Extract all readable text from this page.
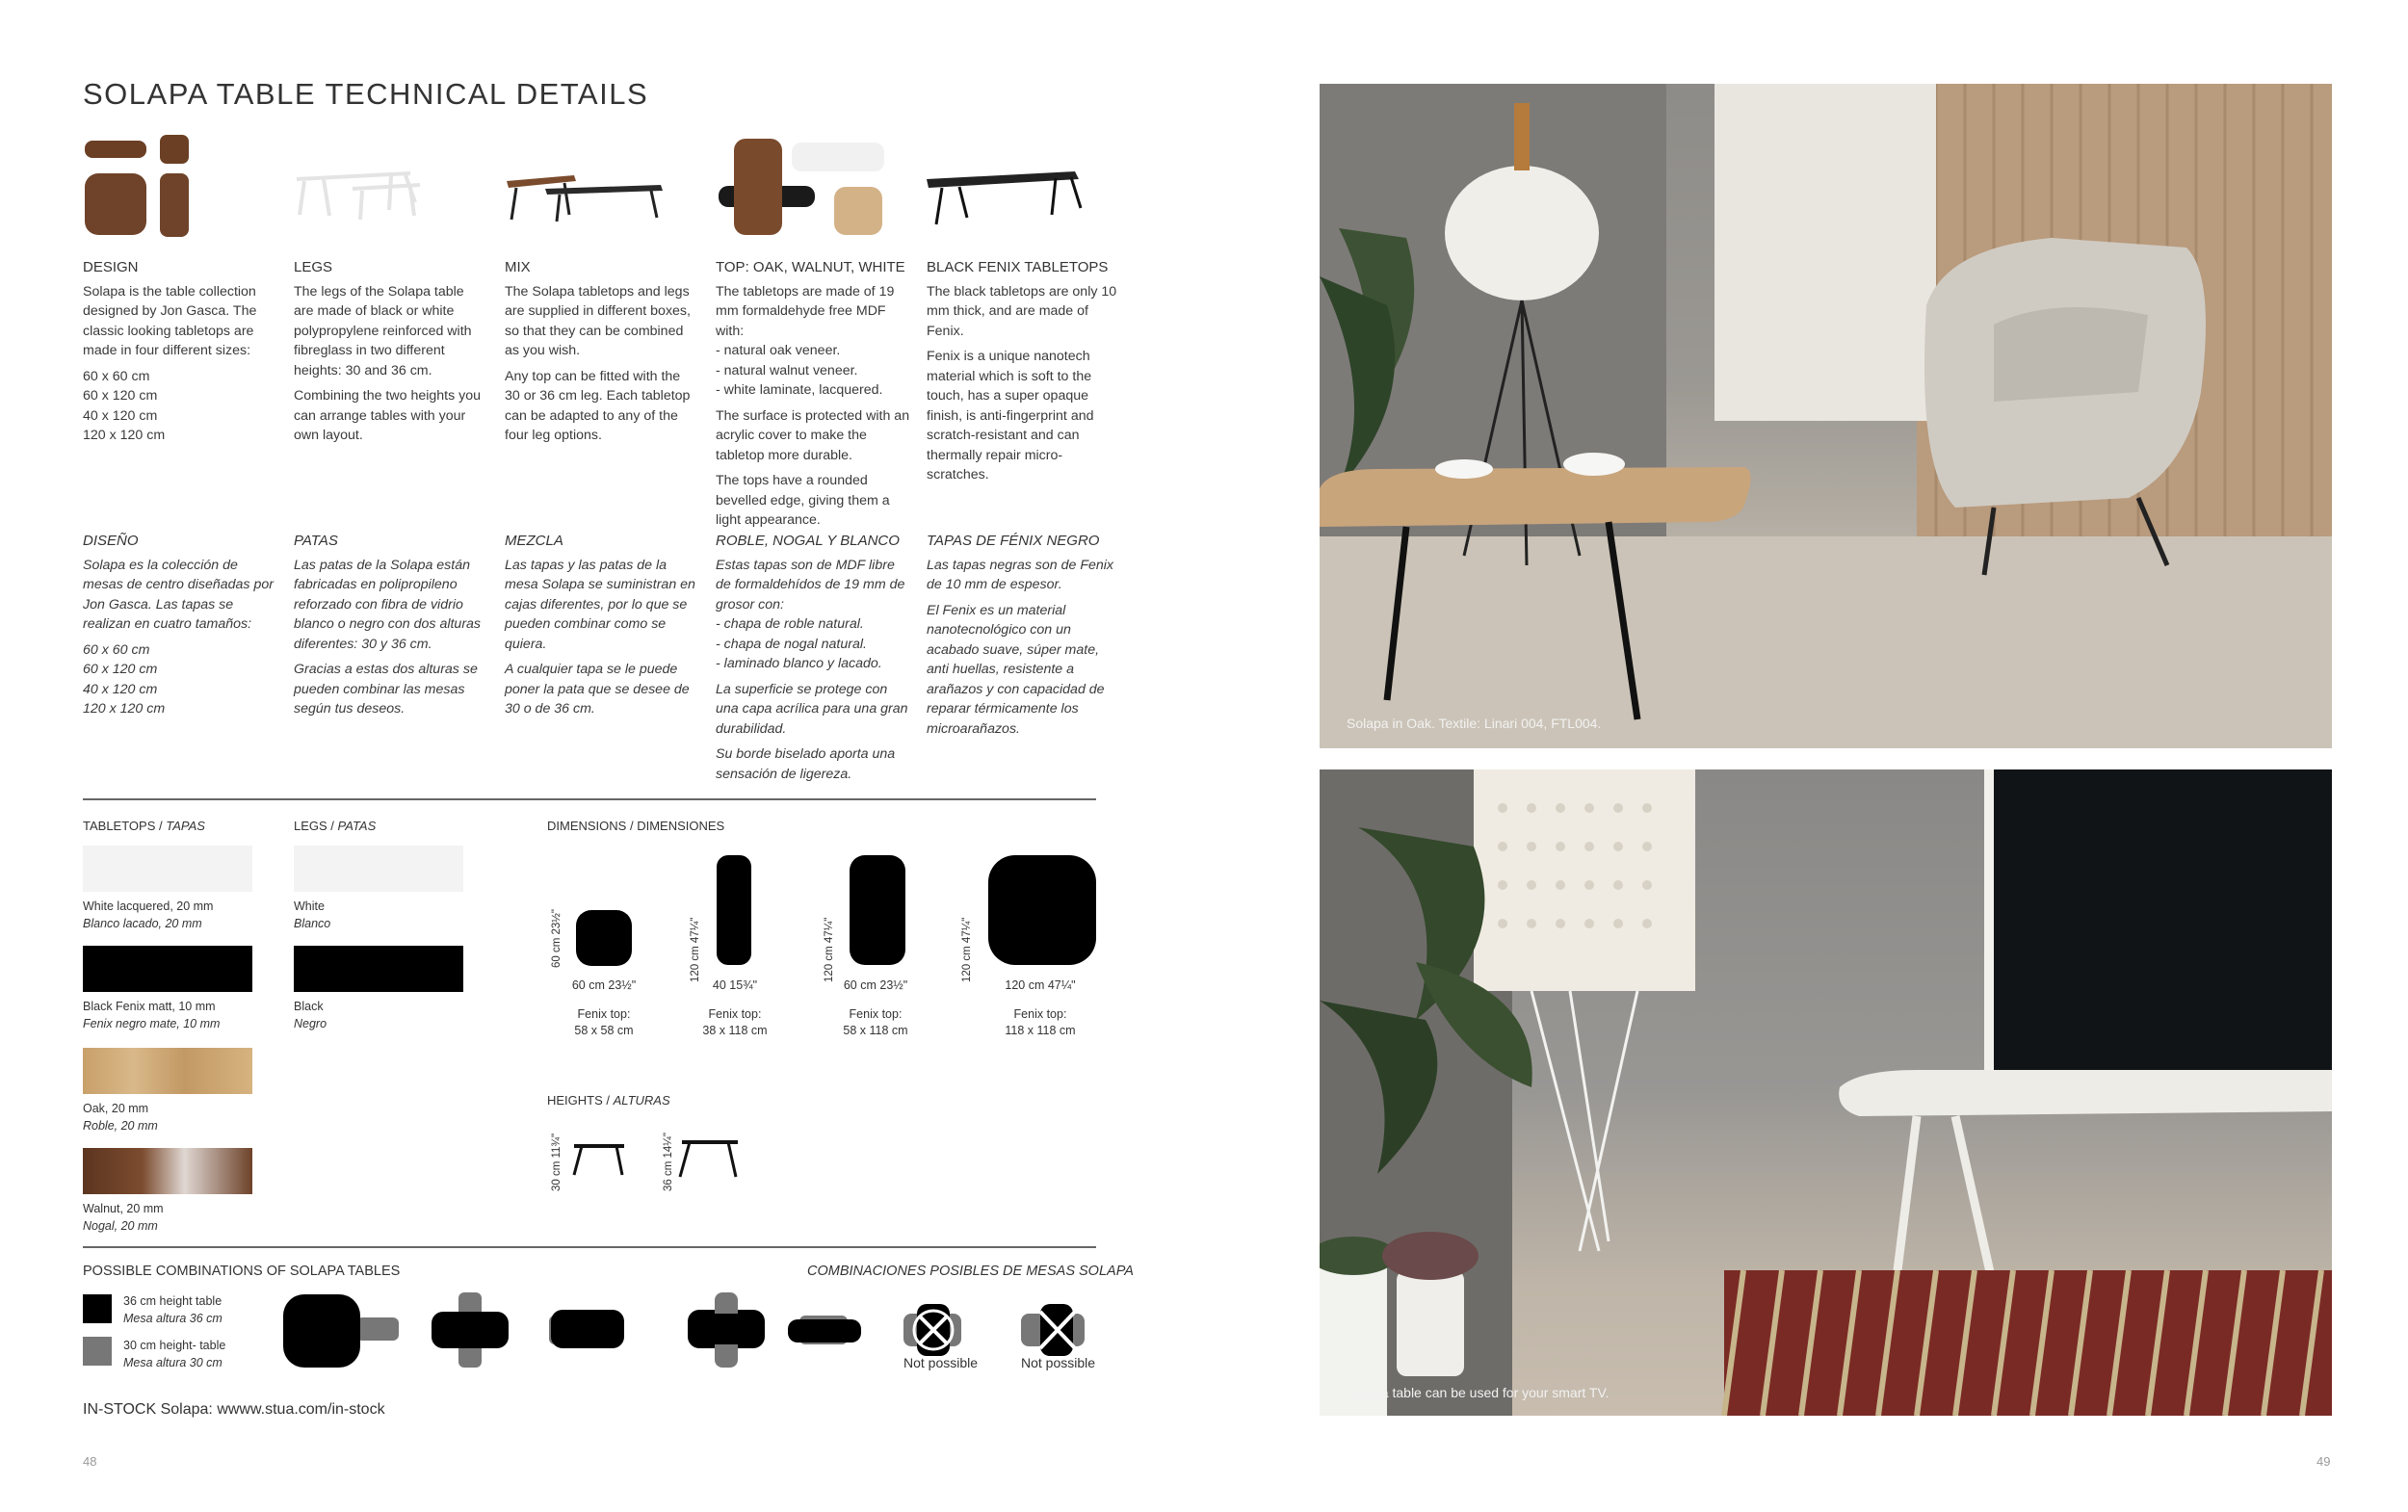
SOLAPA TABLE TECHNICAL DETAILS
DESIGN

Solapa is the table collection designed by Jon Gasca. The classic looking tabletops are made in four different sizes:

60 x 60 cm
60 x 120 cm
40 x 120 cm
120 x 120 cm

LEGS

The legs of the Solapa table are made of black or white polypropylene reinforced with fibreglass in two different heights: 30 and 36 cm.

Combining the two heights you can arrange tables with your own layout.

MIX

The Solapa tabletops and legs are supplied in different boxes, so that they can be combined as you wish.

Any top can be fitted with the 30 or 36 cm leg. Each tabletop can be adapted to any of the four leg options.

TOP: OAK, WALNUT, WHITE

The tabletops are made of 19 mm formaldehyde free MDF with:
- natural oak veneer.
- natural walnut veneer.
- white laminate, lacquered.

The surface is protected with an acrylic cover to make the tabletop more durable.

The tops have a rounded bevelled edge, giving them a light appearance.

BLACK FENIX TABLETOPS

The black tabletops are only 10 mm thick, and are made of Fenix.

Fenix is a unique nanotech material which is soft to the touch, has a super opaque finish, is anti-fingerprint and scratch-resistant and can thermally repair micro-scratches.

DISEÑO

Solapa es la colección de mesas de centro diseñadas por Jon Gasca. Las tapas se realizan en cuatro tamaños:

60 x 60 cm
60 x 120 cm
40 x 120 cm
120 x 120 cm

PATAS

Las patas de la Solapa están fabricadas en polipropileno reforzado con fibra de vidrio blanco o negro con dos alturas diferentes: 30 y 36 cm.

Gracias a estas dos alturas se pueden combinar las mesas según tus deseos.

MEZCLA

Las tapas y las patas de la mesa Solapa se suministran en cajas diferentes, por lo que se pueden combinar como se quiera.

A cualquier tapa se le puede poner la pata que se desee de 30 o de 36 cm.

ROBLE, NOGAL Y BLANCO

Estas tapas son de MDF libre de formaldehídos de 19 mm de grosor con:
- chapa de roble natural.
- chapa de nogal natural.
- laminado blanco y lacado.

La superficie se protege con una capa acrílica para una gran durabilidad.

Su borde biselado aporta una sensación de ligereza.

TAPAS DE FÉNIX NEGRO

Las tapas negras son de Fenix de 10 mm de espesor.

El Fenix es un material nanotecnológico con un acabado suave, súper mate, anti huellas, resistente a arañazos y con capacidad de reparar térmicamente los microarañazos.

TABLETOPS / TAPAS
White lacquered, 20 mm
Blanco lacado, 20 mm
Black Fenix matt, 10 mm
Fenix negro mate, 10 mm
Oak, 20 mm
Roble, 20 mm
Walnut, 20 mm
Nogal, 20 mm
LEGS / PATAS
White
Blanco
Black
Negro
DIMENSIONS / DIMENSIONES
60 cm 23½"	120 cm 47¼"	120 cm 47¼"	120 cm 47¼"
60 cm 23½"	40 15¾"	60 cm 23½"	120 cm 47¼"
Fenix top:
58 x 58 cm
Fenix top:
38 x 118 cm
Fenix top:
58 x 118 cm
Fenix top:
118 x 118 cm
HEIGHTS / ALTURAS
30 cm 11¾"	36 cm 14¼"
POSSIBLE COMBINATIONS OF SOLAPA TABLES	COMBINACIONES POSIBLES DE MESAS SOLAPA
36 cm height table
Mesa altura 36 cm
30 cm height- table
Mesa altura 30 cm	Not possible	Not possible
IN-STOCK Solapa: wwww.stua.com/in-stock
48	49
Solapa in Oak. Textile: Linari 004, FTL004.
Solapa table can be used for your smart TV.
